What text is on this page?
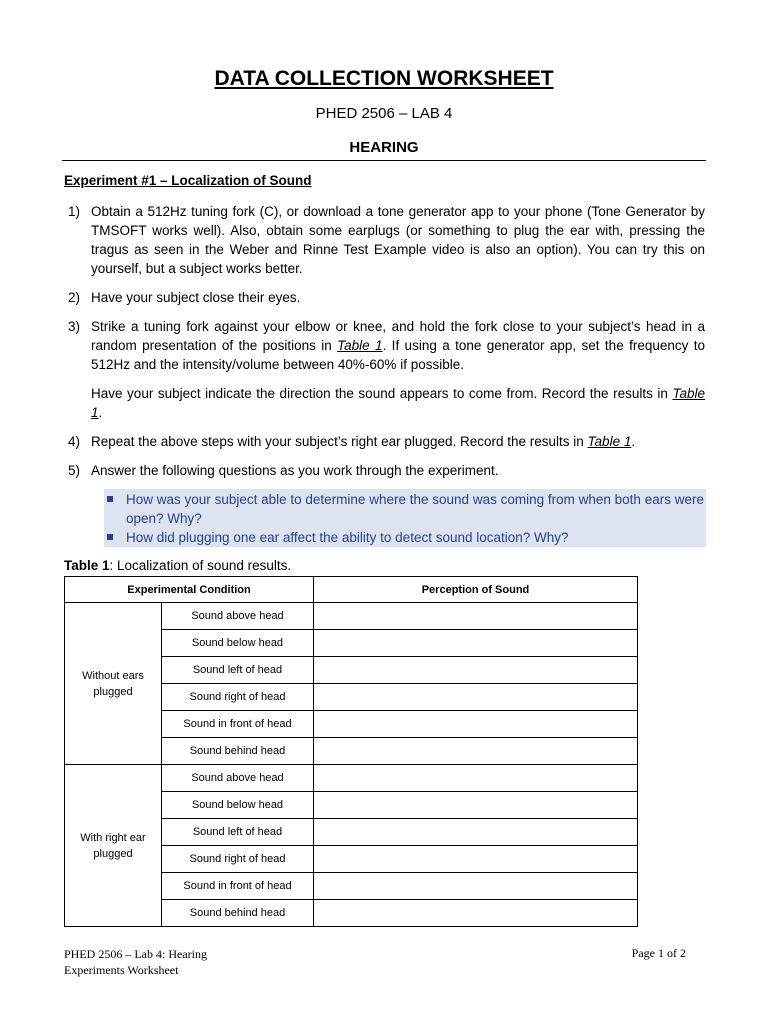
DATA COLLECTION WORKSHEET
PHED 2506 – LAB 4
HEARING
Experiment #1 – Localization of Sound
1) Obtain a 512Hz tuning fork (C), or download a tone generator app to your phone (Tone Generator by TMSOFT works well). Also, obtain some earplugs (or something to plug the ear with, pressing the tragus as seen in the Weber and Rinne Test Example video is also an option). You can try this on yourself, but a subject works better.
2) Have your subject close their eyes.
3) Strike a tuning fork against your elbow or knee, and hold the fork close to your subject’s head in a random presentation of the positions in Table 1. If using a tone generator app, set the frequency to 512Hz and the intensity/volume between 40%-60% if possible.
Have your subject indicate the direction the sound appears to come from. Record the results in Table 1.
4) Repeat the above steps with your subject’s right ear plugged. Record the results in Table 1.
5) Answer the following questions as you work through the experiment.
How was your subject able to determine where the sound was coming from when both ears were open? Why?
How did plugging one ear affect the ability to detect sound location? Why?
Table 1: Localization of sound results.
Experimental Condition		Perception of Sound
Without ears
plugged	Sound above head	
	Sound below head	
	Sound left of head	
	Sound right of head	
	Sound in front of head	
	Sound behind head	
With right ear
plugged	Sound above head	
	Sound below head	
	Sound left of head	
	Sound right of head	
	Sound in front of head	
	Sound behind head	
PHED 2506 – Lab 4: Hearing
Experiments Worksheet
Page 1 of 2
